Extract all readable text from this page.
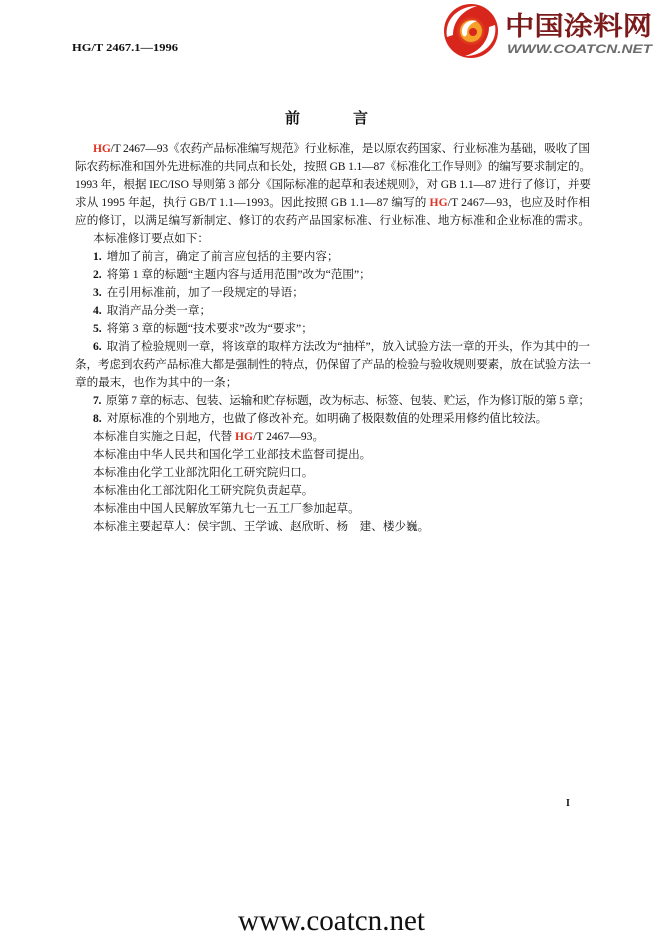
HG/T 2467.1—1996
中国涂料网
WWW.COATCN.NET
前　　言
HG/T 2467—93《农药产品标准编写规范》行业标准，是以原农药国家、行业标准为基础，吸收了国
际农药标准和国外先进标准的共同点和长处，按照 GB 1.1—87《标准化工作导则》的编写要求制定的。
1993 年，根据 IEC/ISO 导则第 3 部分《国际标准的起草和表述规则》，对 GB 1.1—87 进行了修订，并要
求从 1995 年起，执行 GB/T 1.1—1993。因此按照 GB 1.1—87 编写的 HG/T 2467—93，也应及时作相
应的修订，以满足编写新制定、修订的农药产品国家标准、行业标准、地方标准和企业标准的需求。
本标准修订要点如下：
1. 增加了前言，确定了前言应包括的主要内容；
2. 将第 1 章的标题“主题内容与适用范围”改为“范围”；
3. 在引用标准前，加了一段规定的导语；
4. 取消产品分类一章；
5. 将第 3 章的标题“技术要求”改为“要求”；
6. 取消了检验规则一章，将该章的取样方法改为“抽样”，放入试验方法一章的开头，作为其中的一
条，考虑到农药产品标准大都是强制性的特点，仍保留了产品的检验与验收规则要素，放在试验方法一
章的最末，也作为其中的一条；
7. 原第 7 章的标志、包装、运输和贮存标题，改为标志、标签、包装、贮运，作为修订版的第 5 章；
8. 对原标准的个别地方，也做了修改补充。如明确了极限数值的处理采用修约值比较法。
本标准自实施之日起，代替 HG/T 2467—93。
本标准由中华人民共和国化学工业部技术监督司提出。
本标准由化学工业部沈阳化工研究院归口。
本标准由化工部沈阳化工研究院负责起草。
本标准由中国人民解放军第九七一五工厂参加起草。
本标准主要起草人：侯宇凯、王学诚、赵欣昕、杨　建、楼少巍。
I
www.coatcn.net
